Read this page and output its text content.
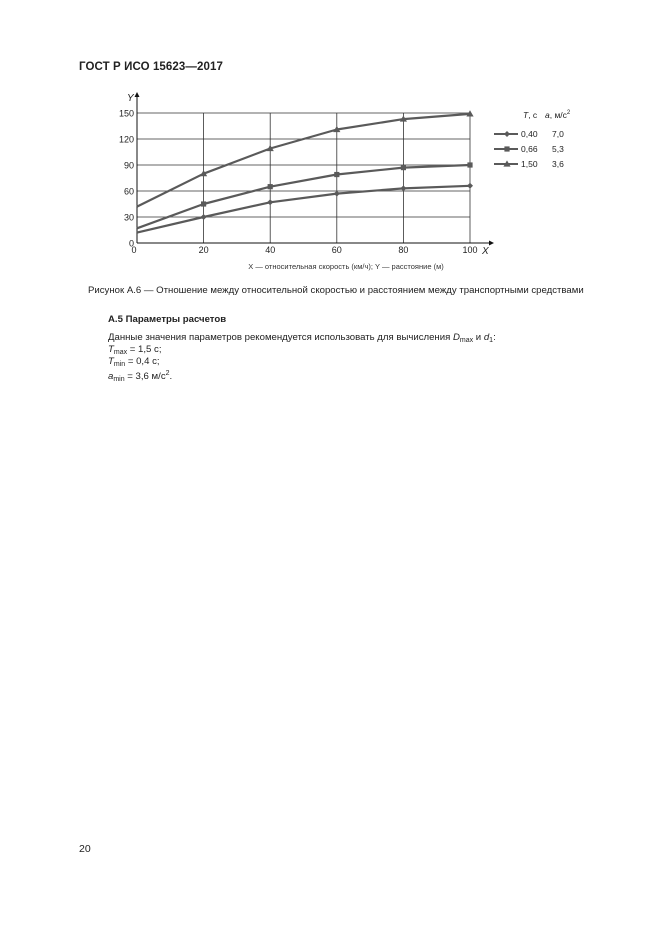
ГОСТ Р ИСО 15623—2017
0
30
60
90
120
150
0	20	40	60	80	100 X
Y
X — относительная скорость (км/ч); Y — расстояние (м)
T, с a, $м/с^2$
0,40 7,0
0,66 5,3
1,50 3,6
Рисунок А.6 — Отношение между относительной скоростью и расстоянием между транспортными средствами
А.5 Параметры расчетов
Данные значения параметров рекомендуется использовать для вычисления $D_{max}$ и $d_1$:
$T_{max} = 1,5$ с;
$T_{min} = 0,4$ с;
$a_{min} = 3,6$ $м/с^2$.
20
